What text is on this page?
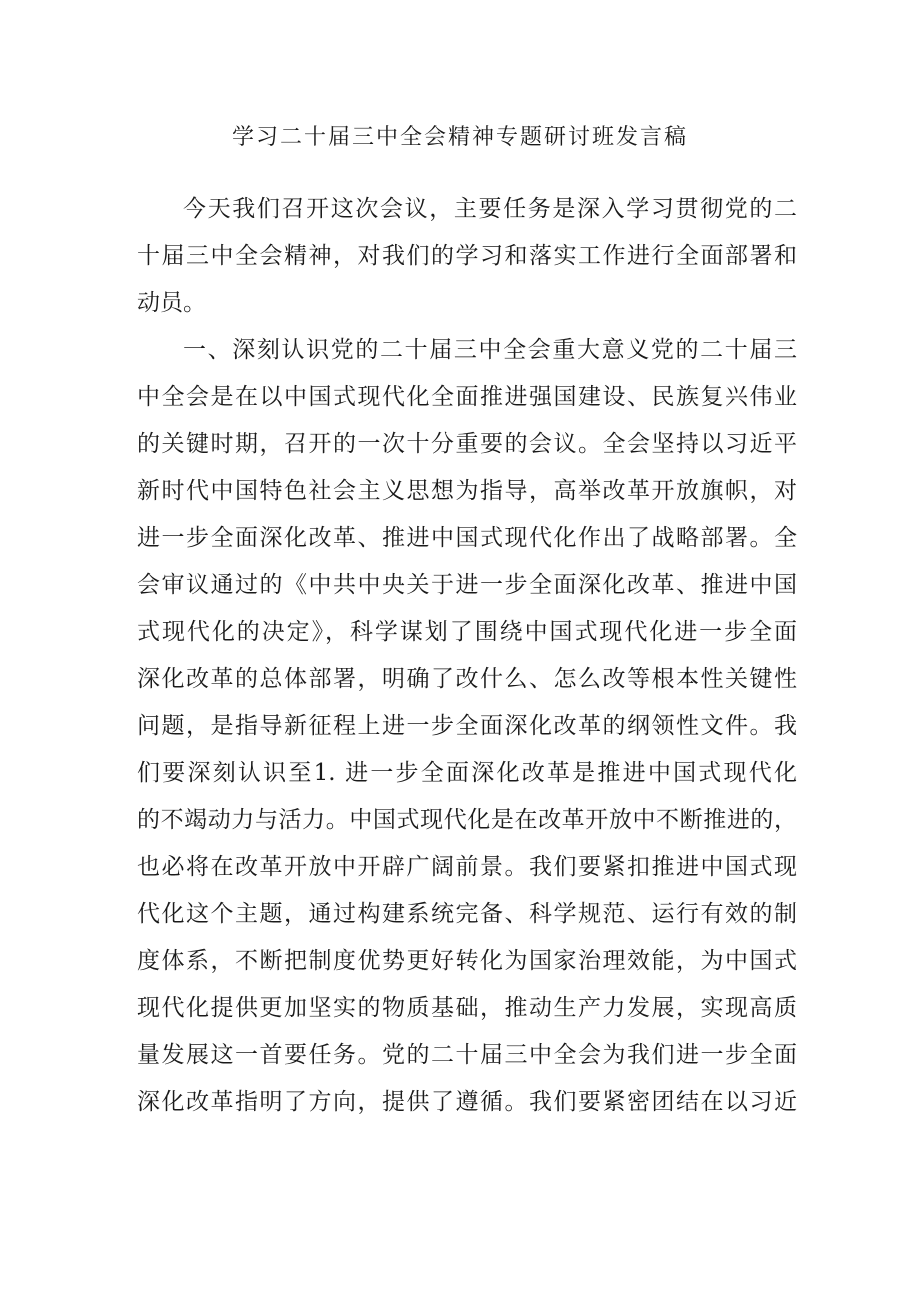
学习二十届三中全会精神专题研讨班发言稿
今天我们召开这次会议，主要任务是深入学习贯彻党的二
十届三中全会精神，对我们的学习和落实工作进行全面部署和
动员。
一、深刻认识党的二十届三中全会重大意义党的二十届三
中全会是在以中国式现代化全面推进强国建设、民族复兴伟业
的关键时期，召开的一次十分重要的会议。全会坚持以习近平
新时代中国特色社会主义思想为指导，高举改革开放旗帜，对
进一步全面深化改革、推进中国式现代化作出了战略部署。全
会审议通过的《中共中央关于进一步全面深化改革、推进中国
式现代化的决定》，科学谋划了围绕中国式现代化进一步全面
深化改革的总体部署，明确了改什么、怎么改等根本性关键性
问题，是指导新征程上进一步全面深化改革的纲领性文件。我
们要深刻认识至1. 进一步全面深化改革是推进中国式现代化
的不竭动力与活力。中国式现代化是在改革开放中不断推进的，
也必将在改革开放中开辟广阔前景。我们要紧扣推进中国式现
代化这个主题，通过构建系统完备、科学规范、运行有效的制
度体系，不断把制度优势更好转化为国家治理效能，为中国式
现代化提供更加坚实的物质基础，推动生产力发展，实现高质
量发展这一首要任务。党的二十届三中全会为我们进一步全面
深化改革指明了方向，提供了遵循。我们要紧密团结在以习近
